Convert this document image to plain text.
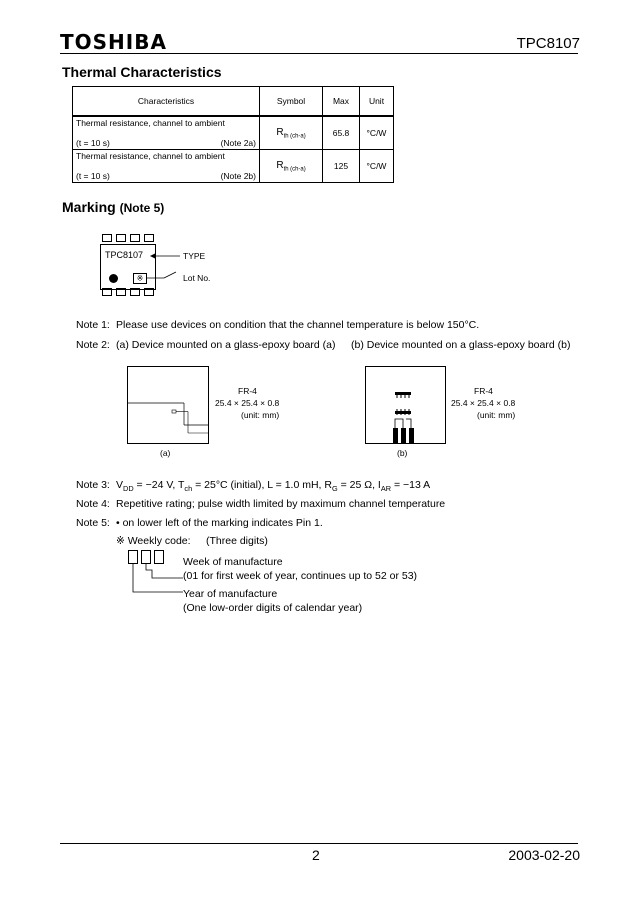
TOSHIBA	TPC8107
Thermal Characteristics
Characteristics	Symbol	Max	Unit

Thermal resistance, channel to ambient
(t = 10 s) (Note 2a)	$R_{th (ch-a)}$	65.8	°C/W

Thermal resistance, channel to ambient
(t = 10 s) (Note 2b)	$R_{th (ch-a)}$	125	°C/W
Marking (Note 5)
TPC8107
※
TYPE
Lot No.
Note 1: Please use devices on condition that the channel temperature is below 150°C.
Note 2: (a) Device mounted on a glass-epoxy board (a) (b) Device mounted on a glass-epoxy board (b)
FR-4
25.4 × 25.4 × 0.8
(unit: mm)
(a)
FR-4
25.4 × 25.4 × 0.8
(unit: mm)
(b)
Note 3: $V_{DD} = -24$ V, $T_{ch} = 25^\circ C$ (initial), L = 1.0 mH, $R_G = 25$ Ω, $I_{AR} = -13$ A
Note 4: Repetitive rating; pulse width limited by maximum channel temperature
Note 5: • on lower left of the marking indicates Pin 1.
※ Weekly code: (Three digits)
Week of manufacture
(01 for first week of year, continues up to 52 or 53)
Year of manufacture
(One low-order digits of calendar year)
2	2003-02-20
